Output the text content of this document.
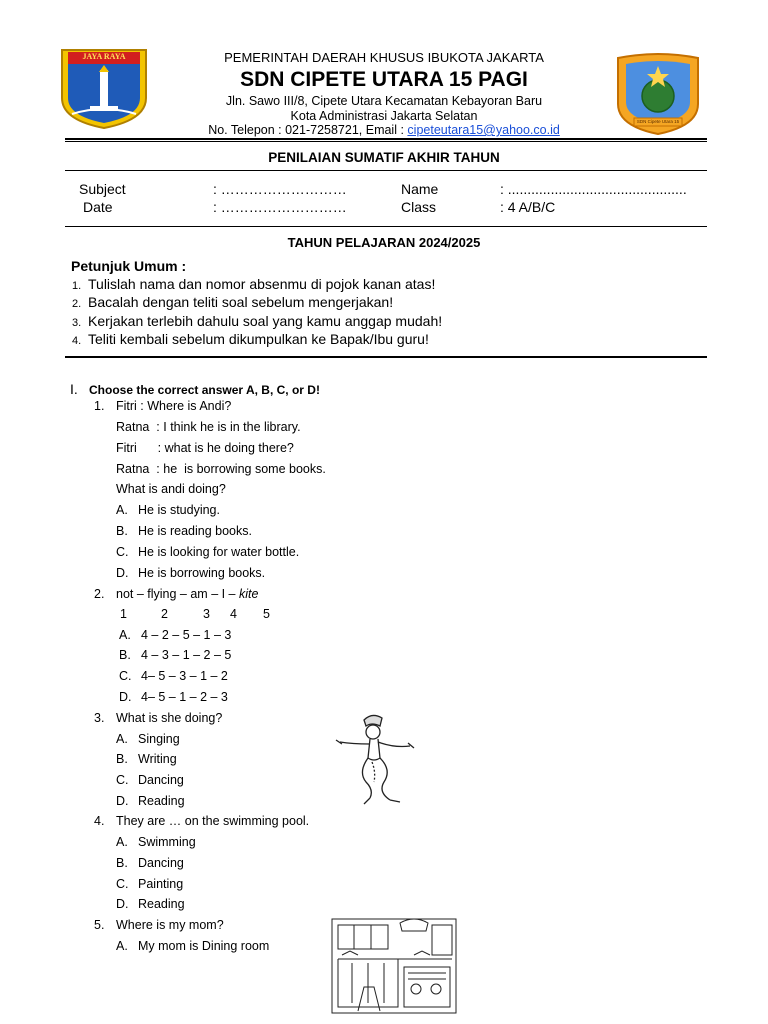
JAYA RAYA
SDN Cipete Utara 15
PEMERINTAH DAERAH KHUSUS IBUKOTA JAKARTA
SDN CIPETE UTARA 15 PAGI
Jln. Sawo III/8, Cipete Utara Kecamatan Kebayoran Baru
Kota Administrasi Jakarta Selatan
No. Telepon : 021-7258721, Email : cipeteutara15@yahoo.co.id
PENILAIAN SUMATIF AKHIR TAHUN
Subject	: ………………………	Name	: ..............................................
Date	: ………………………	Class	: 4 A/B/C
TAHUN PELAJARAN 2024/2025
Petunjuk Umum :
1. Tulislah nama dan nomor absenmu di pojok kanan atas!
2. Bacalah dengan teliti soal sebelum mengerjakan!
3. Kerjakan terlebih dahulu soal yang kamu anggap mudah!
4. Teliti kembali sebelum dikumpulkan ke Bapak/Ibu guru!
I. Choose the correct answer A, B, C, or D!
1. Fitri : Where is Andi?
Ratna  : I think he is in the library.
Fitri      : what is he doing there?
Ratna  : he  is borrowing some books.
What is andi doing?
A. He is studying.
B. He is reading books.
C. He is looking for water bottle.
D. He is borrowing books.
2. not – flying – am – I – kite
1	2	3 4 5
A. 4 – 2 – 5 – 1 – 3
B. 4 – 3 – 1 – 2 – 5
C. 4– 5 – 3 – 1 – 2
D. 4– 5 – 1 – 2 – 3
3. What is she doing?
A. Singing
B. Writing
C. Dancing
D. Reading
4. They are … on the swimming pool.
A. Swimming
B. Dancing
C. Painting
D. Reading
5. Where is my mom?
A. My mom is Dining room
